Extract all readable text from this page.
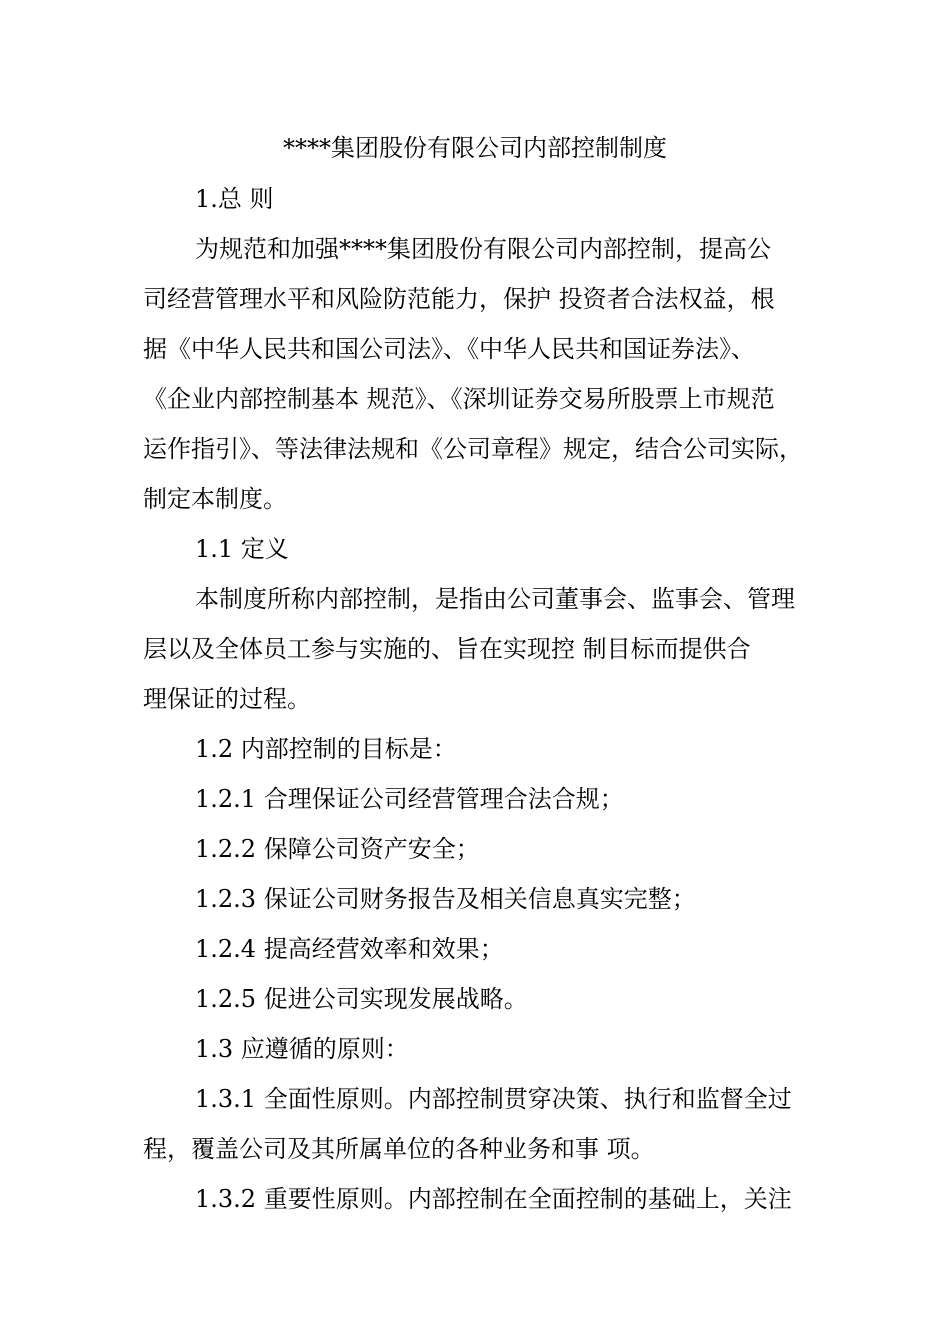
****集团股份有限公司内部控制制度
1.总 则
为规范和加强****集团股份有限公司内部控制，提高公
司经营管理水平和风险防范能力，保护 投资者合法权益，根
据《中华人民共和国公司法》、《中华人民共和国证券法》、
《企业内部控制基本 规范》、《深圳证券交易所股票上市规范
运作指引》、等法律法规和《公司章程》规定，结合公司实际，
制定本制度。
1.1 定义
本制度所称内部控制，是指由公司董事会、监事会、管理
层以及全体员工参与实施的、旨在实现控 制目标而提供合
理保证的过程。
1.2 内部控制的目标是：
1.2.1 合理保证公司经营管理合法合规；
1.2.2 保障公司资产安全；
1.2.3 保证公司财务报告及相关信息真实完整；
1.2.4 提高经营效率和效果；
1.2.5 促进公司实现发展战略。
1.3 应遵循的原则：
1.3.1 全面性原则。内部控制贯穿决策、执行和监督全过
程，覆盖公司及其所属单位的各种业务和事 项。
1.3.2 重要性原则。内部控制在全面控制的基础上，关注
